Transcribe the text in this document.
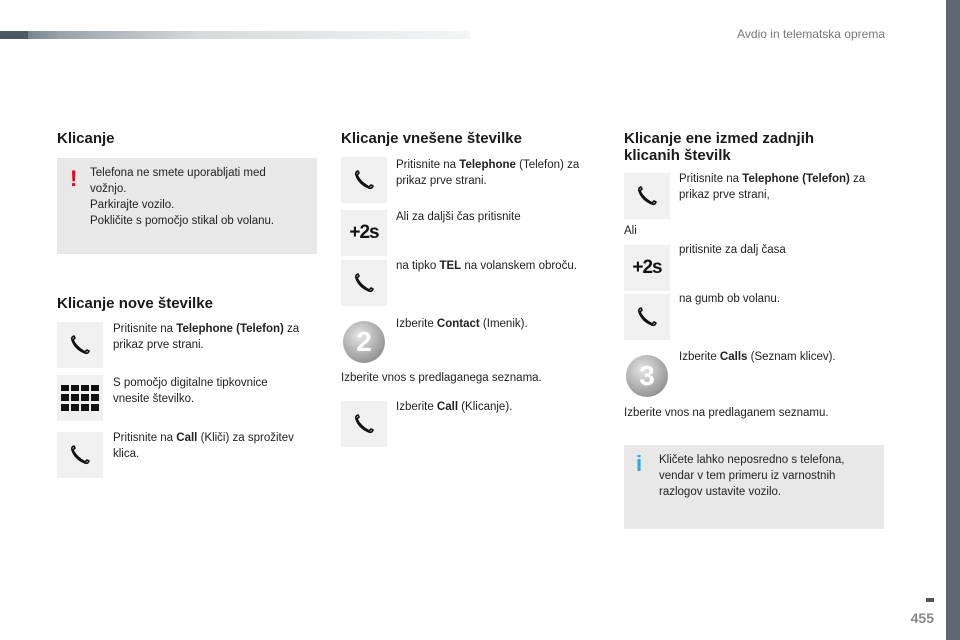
Avdio in telematska oprema
455
Klicanje
! Telefona ne smete uporabljati med
vožnjo.
Parkirajte vozilo.
Pokličite s pomočjo stikal ob volanu.
Klicanje nove številke
Pritisnite na Telephone (Telefon) za
prikaz prve strani.
S pomočjo digitalne tipkovnice
vnesite številko.
Pritisnite na Call (Kliči) za sprožitev
klica.
Klicanje vnešene številke
Pritisnite na Telephone (Telefon) za
prikaz prve strani.
+2s
Ali za daljši čas pritisnite
na tipko TEL na volanskem obroču.
2
Izberite Contact (Imenik).
Izberite vnos s predlaganega seznama.
Izberite Call (Klicanje).
Klicanje ene izmed zadnjih
klicanih številk
Pritisnite na Telephone (Telefon) za
prikaz prve strani,
Ali
+2s
pritisnite za dalj časa
na gumb ob volanu.
3
Izberite Calls (Seznam klicev).
Izberite vnos na predlaganem seznamu.
i Kličete lahko neposredno s telefona,
vendar v tem primeru iz varnostnih
razlogov ustavite vozilo.
